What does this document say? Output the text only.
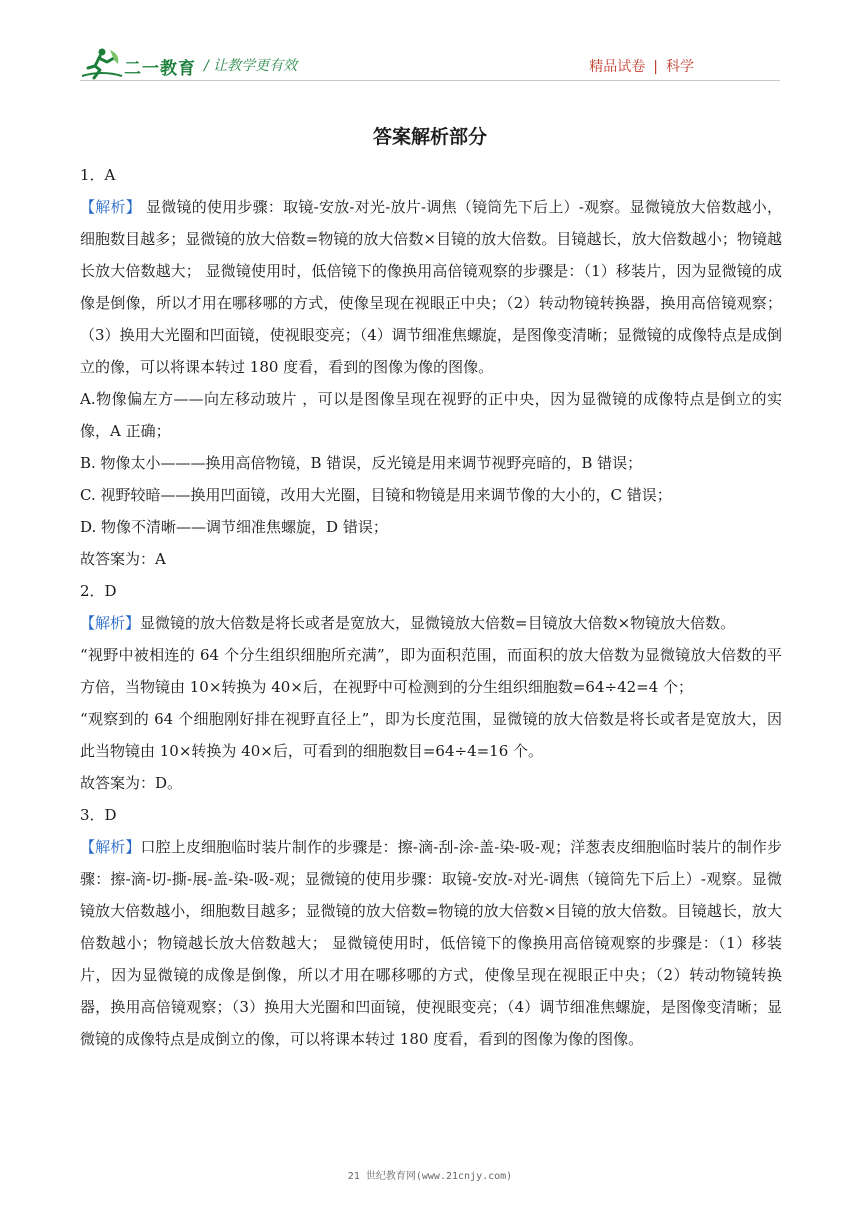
二一教育 / 让教学更有效	精品试卷 | 科学
答案解析部分

1．A

【解析】 显微镜的使用步骤：取镜-安放-对光-放片-调焦（镜筒先下后上）-观察。显微镜放大倍数越小，细胞数目越多；显微镜的放大倍数=物镜的放大倍数×目镜的放大倍数。目镜越长，放大倍数越小；物镜越长放大倍数越大； 显微镜使用时，低倍镜下的像换用高倍镜观察的步骤是：（1）移装片，因为显微镜的成像是倒像，所以才用在哪移哪的方式，使像呈现在视眼正中央；（2）转动物镜转换器，换用高倍镜观察；（3）换用大光圈和凹面镜，使视眼变亮；（4）调节细准焦螺旋，是图像变清晰；显微镜的成像特点是成倒立的像，可以将课本转过 180 度看，看到的图像为像的图像。

A.物像偏左方——向左移动玻片 ，可以是图像呈现在视野的正中央，因为显微镜的成像特点是倒立的实像，A 正确；

B. 物像太小———换用高倍物镜，B 错误，反光镜是用来调节视野亮暗的，B 错误；

C. 视野较暗——换用凹面镜，改用大光圈，目镜和物镜是用来调节像的大小的，C 错误；

D. 物像不清晰——调节细准焦螺旋，D 错误；

故答案为：A

2．D

【解析】显微镜的放大倍数是将长或者是宽放大，显微镜放大倍数=目镜放大倍数×物镜放大倍数。

“视野中被相连的 64 个分生组织细胞所充满”，即为面积范围，而面积的放大倍数为显微镜放大倍数的平方倍，当物镜由 10×转换为 40×后，在视野中可检测到的分生组织细胞数=64÷42=4 个；

“观察到的 64 个细胞刚好排在视野直径上”，即为长度范围，显微镜的放大倍数是将长或者是宽放大，因此当物镜由 10×转换为 40×后，可看到的细胞数目=64÷4=16 个。

故答案为：D。

3．D

【解析】口腔上皮细胞临时装片制作的步骤是：擦-滴-刮-涂-盖-染-吸-观；洋葱表皮细胞临时装片的制作步骤：擦-滴-切-撕-展-盖-染-吸-观；显微镜的使用步骤：取镜-安放-对光-调焦（镜筒先下后上）-观察。显微镜放大倍数越小，细胞数目越多；显微镜的放大倍数=物镜的放大倍数×目镜的放大倍数。目镜越长，放大倍数越小；物镜越长放大倍数越大； 显微镜使用时，低倍镜下的像换用高倍镜观察的步骤是：（1）移装片，因为显微镜的成像是倒像，所以才用在哪移哪的方式，使像呈现在视眼正中央；（2）转动物镜转换器，换用高倍镜观察；（3）换用大光圈和凹面镜，使视眼变亮；（4）调节细准焦螺旋，是图像变清晰；显微镜的成像特点是成倒立的像，可以将课本转过 180 度看，看到的图像为像的图像。

21 世纪教育网(www.21cnjy.com)
